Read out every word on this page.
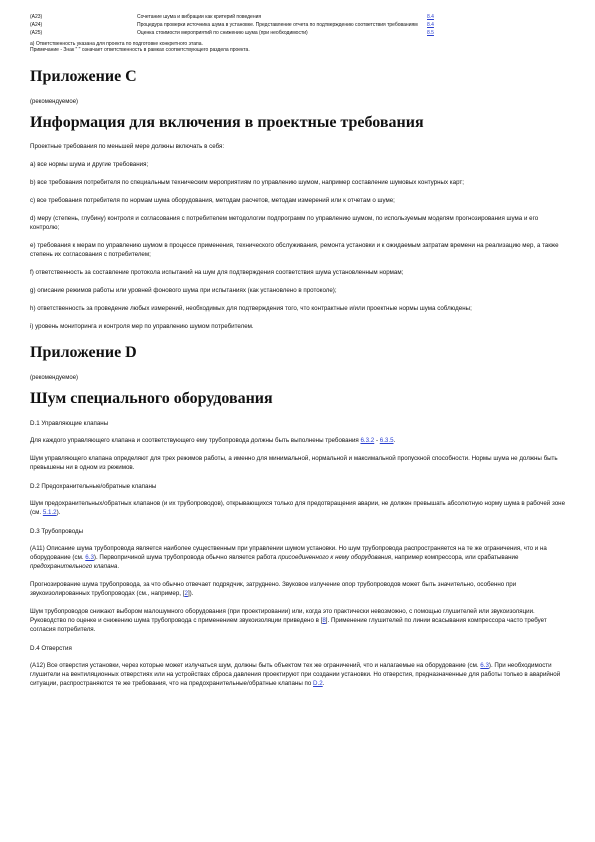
(A23)	Сочетание шума и вибрации как критерий поведения	8.4	
(A24)	Процедура проверки источника шума в установке. Представление отчета по подтверждению соответствия требованиям	8.4	
(A25)	Оценка стоимости мероприятий по снижению шума (при необходимости)	8.5	
a) Ответственность указана для проекта по подготовке конкретного этапа.
Примечание - Знак " " означает ответственность в рамках соответствующего раздела проекта.
Приложение C
(рекомендуемое)
Информация для включения в проектные требования

Проектные требования по меньшей мере должны включать в себя:

а) все нормы шума и другие требования;

b) все требования потребителя по специальным техническим мероприятиям по управлению шумом, например составление шумовых контурных карт;

с) все требования потребителя по нормам шума оборудования, методам расчетов, методам измерений или к отчетам о шуме;

d) меру (степень, глубину) контроля и согласования с потребителем методологии подпрограмм по управлению шумом, по используемым моделям прогнозирования шума и его контролю;

е) требования к мерам по управлению шумом в процессе применения, технического обслуживания, ремонта установки и к ожидаемым затратам времени на реализацию мер, а также степень их согласования с потребителем;

f) ответственность за составление протокола испытаний на шум для подтверждения соответствия шума установленным нормам;

g) описание режимов работы или уровней фонового шума при испытаниях (как установлено в протоколе);

h) ответственность за проведение любых измерений, необходимых для подтверждения того, что контрактные и/или проектные нормы шума соблюдены;

i) уровень мониторинга и контроля мер по управлению шумом потребителем.

Приложение D
(рекомендуемое)
Шум специального оборудования
D.1 Управляющие клапаны

Для каждого управляющего клапана и соответствующего ему трубопровода должны быть выполнены требования 6.3.2 - 6.3.5.

Шум управляющего клапана определяют для трех режимов работы, а именно для минимальной, нормальной и максимальной пропускной способности. Нормы шума не должны быть превышены ни в одном из режимов.

D.2 Предохранительные/обратные клапаны

Шум предохранительных/обратных клапанов (и их трубопроводов), открывающихся только для предотвращения аварии, не должен превышать абсолютную норму шума в рабочей зоне (см. 5.1.2).

D.3 Трубопроводы

(A11) Описание шума трубопровода является наиболее существенным при управлении шумом установки. Но шум трубопровода распространяется на те же ограничения, что и на оборудование (см. 6.3). Первопричиной шума трубопровода обычно является работа присоединенного к нему оборудования, например компрессора, или срабатывание предохранительного клапана.

Прогнозирование шума трубопровода, за что обычно отвечает подрядчик, затруднено. Звуковое излучение опор трубопроводов может быть значительно, особенно при звукоизолированных трубопроводах (см., например, [2]).

Шум трубопроводов снижают выбором малошумного оборудования (при проектировании) или, когда это практически невозможно, с помощью глушителей или звукоизоляции. Руководство по оценке и снижению шума трубопровода с применением звукоизоляции приведено в [8]. Применение глушителей по линии всасывания компрессора часто требует согласия потребителя.

D.4 Отверстия

(A12) Все отверстия установки, через которые может излучаться шум, должны быть объектом тех же ограничений, что и налагаемые на оборудование (см. 6.3). При необходимости глушители на вентиляционных отверстиях или на устройствах сброса давления проектируют при создании установки. Но отверстия, предназначенные для работы только в аварийной ситуации, распространяются те же требования, что на предохранительные/обратные клапаны по D.2.
